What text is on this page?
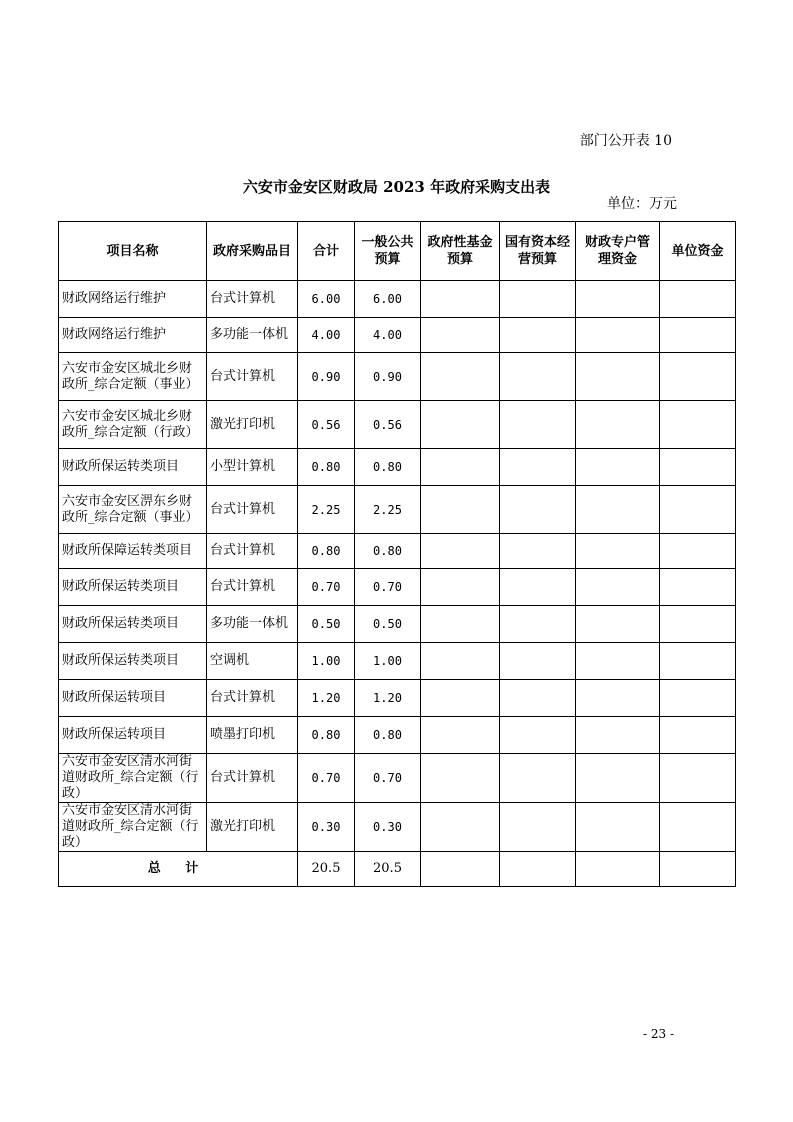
部门公开表 10
六安市金安区财政局 2023 年政府采购支出表
单位：万元
项目名称	政府采购品目	合计	一般公共预算	政府性基金预算	国有资本经营预算	财政专户管理资金	单位资金
财政网络运行维护	台式计算机	6.00	6.00				
财政网络运行维护	多功能一体机	4.00	4.00				
六安市金安区城北乡财政所_综合定额（事业）	台式计算机	0.90	0.90				
六安市金安区城北乡财政所_综合定额（行政）	激光打印机	0.56	0.56				
财政所保运转类项目	小型计算机	0.80	0.80				
六安市金安区淠东乡财政所_综合定额（事业）	台式计算机	2.25	2.25				
财政所保障运转类项目	台式计算机	0.80	0.80				
财政所保运转类项目	台式计算机	0.70	0.70				
财政所保运转类项目	多功能一体机	0.50	0.50				
财政所保运转类项目	空调机	1.00	1.00				
财政所保运转项目	台式计算机	1.20	1.20				
财政所保运转项目	喷墨打印机	0.80	0.80				
六安市金安区清水河街道财政所_综合定额（行政）	台式计算机	0.70	0.70				
六安市金安区清水河街道财政所_综合定额（行政）	激光打印机	0.30	0.30				
总 计		20.5	20.5				
- 23 -
